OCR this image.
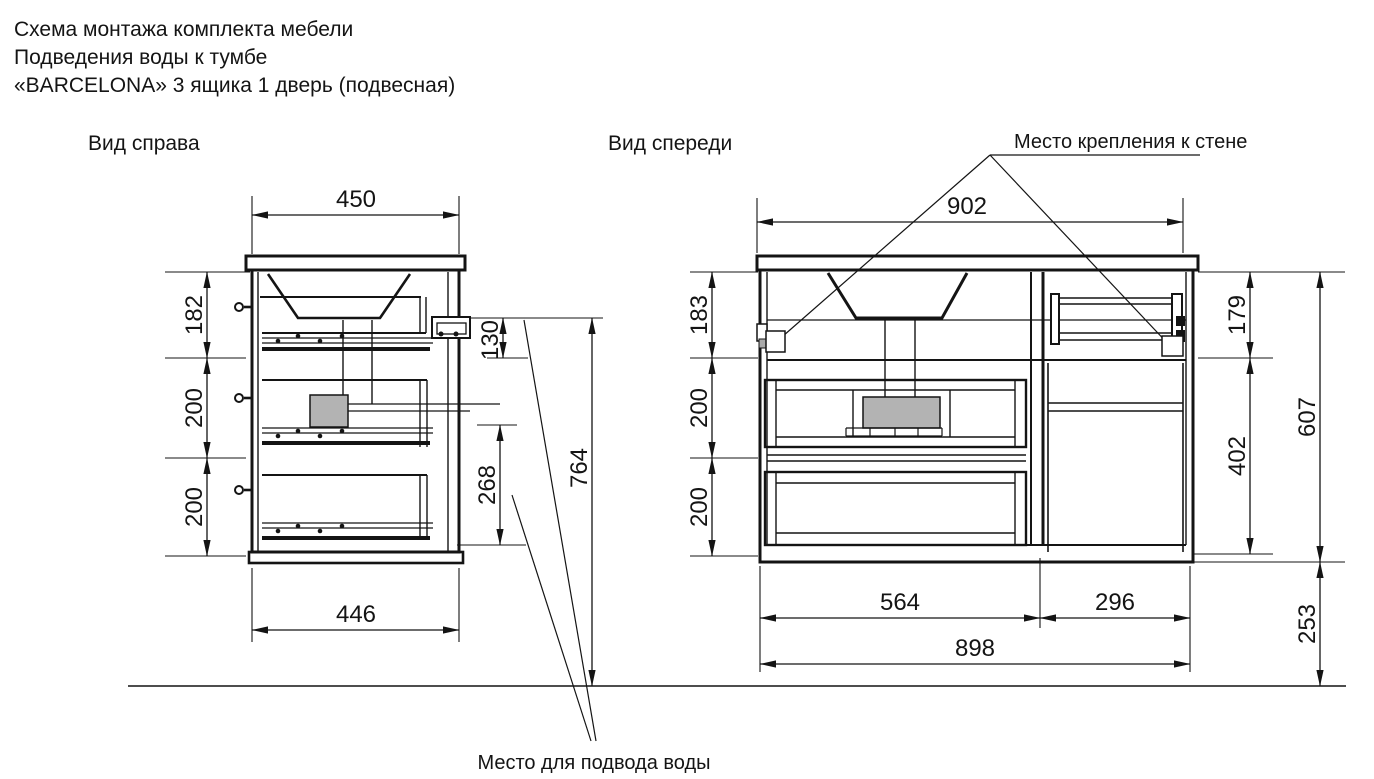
Схема монтажа комплекта мебели
Подведения воды к тумбе
«BARCELONA» 3 ящика 1 дверь (подвесная)
Вид справа	Вид спереди	Место крепления к стене
450
182
200
200
130
268	764
446
Место для подвода воды
902
183
200
200
179
402
607
253
564	296
898
